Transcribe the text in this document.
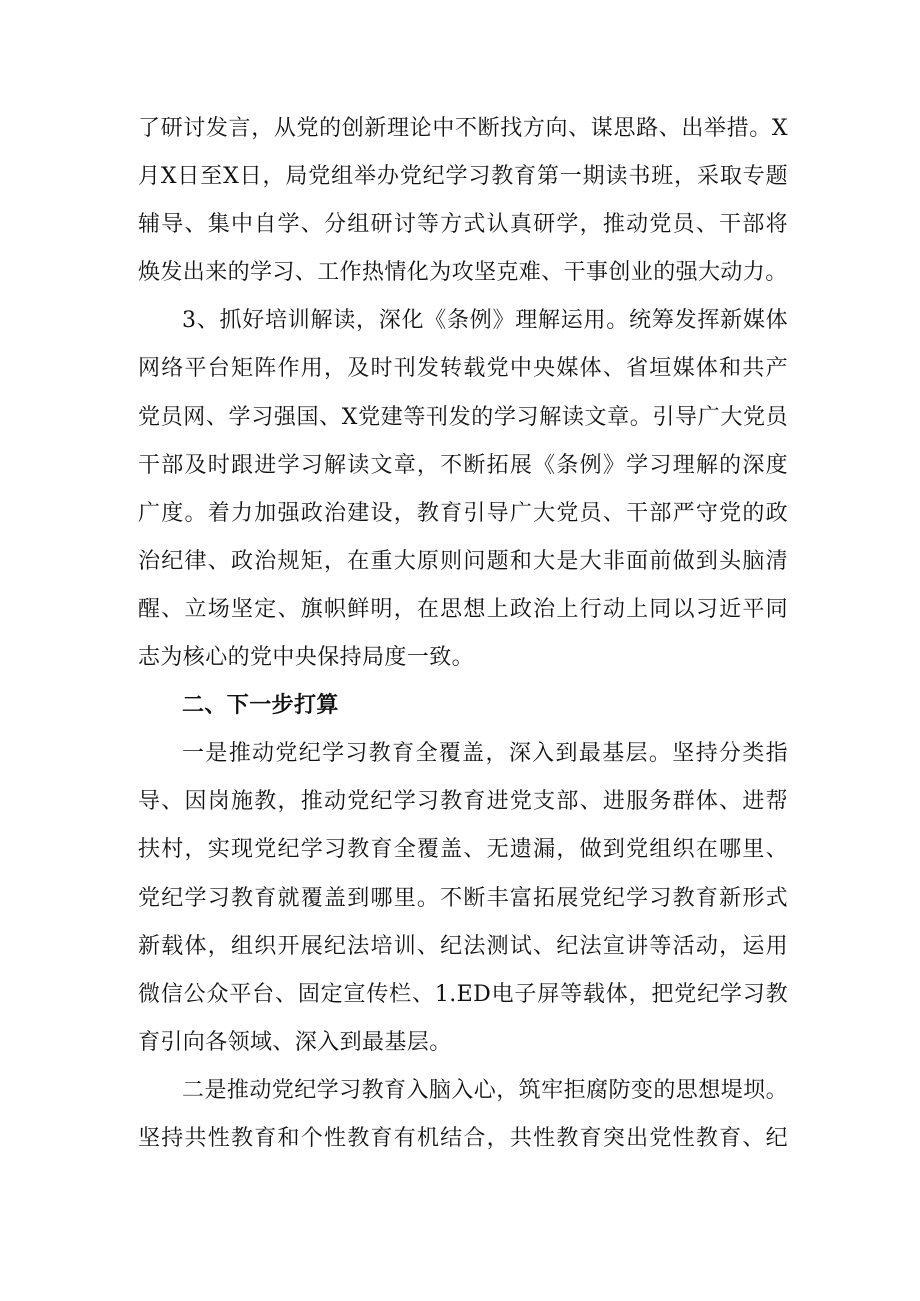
了研讨发言，从党的创新理论中不断找方向、谋思路、出举措。X
月X日至X日，局党组举办党纪学习教育第一期读书班，采取专题
辅导、集中自学、分组研讨等方式认真研学，推动党员、干部将
焕发出来的学习、工作热情化为攻坚克难、干事创业的强大动力。
3、抓好培训解读，深化《条例》理解运用。统筹发挥新媒体
网络平台矩阵作用，及时刊发转载党中央媒体、省垣媒体和共产
党员网、学习强国、X党建等刊发的学习解读文章。引导广大党员
干部及时跟进学习解读文章，不断拓展《条例》学习理解的深度
广度。着力加强政治建设，教育引导广大党员、干部严守党的政
治纪律、政治规矩，在重大原则问题和大是大非面前做到头脑清
醒、立场坚定、旗帜鲜明，在思想上政治上行动上同以习近平同
志为核心的党中央保持局度一致。
二、下一步打算
一是推动党纪学习教育全覆盖，深入到最基层。坚持分类指
导、因岗施教，推动党纪学习教育进党支部、进服务群体、进帮
扶村，实现党纪学习教育全覆盖、无遗漏，做到党组织在哪里、
党纪学习教育就覆盖到哪里。不断丰富拓展党纪学习教育新形式
新载体，组织开展纪法培训、纪法测试、纪法宣讲等活动，运用
微信公众平台、固定宣传栏、1.ED电子屏等载体，把党纪学习教
育引向各领域、深入到最基层。
二是推动党纪学习教育入脑入心，筑牢拒腐防变的思想堤坝。
坚持共性教育和个性教育有机结合，共性教育突出党性教育、纪
